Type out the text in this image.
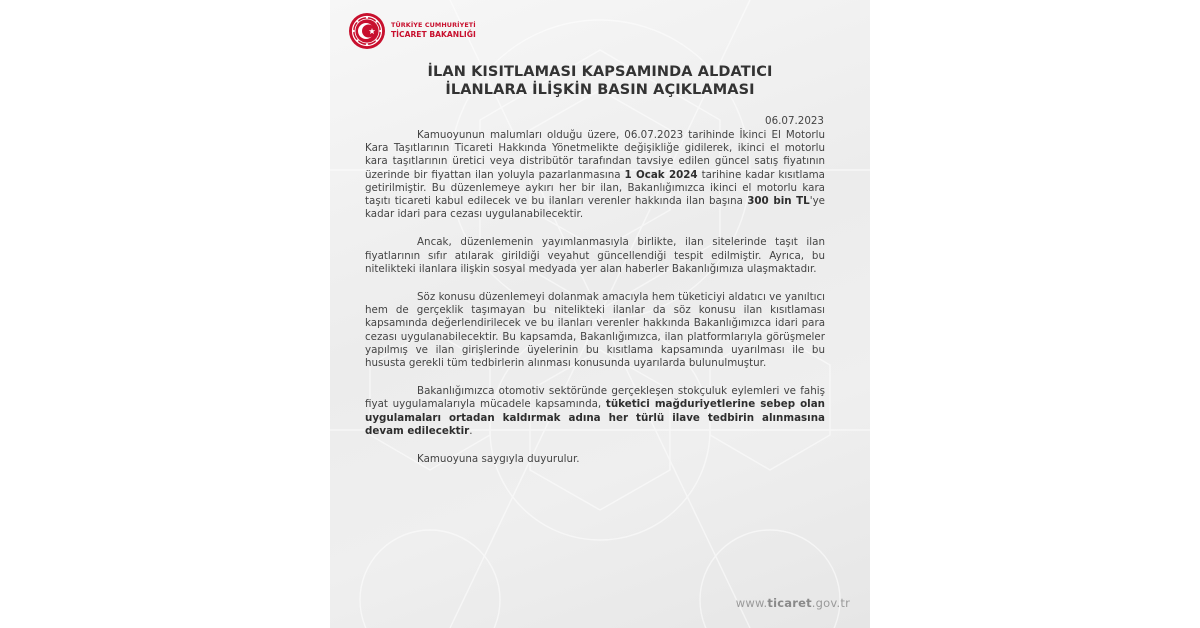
TÜRKİYE CUMHURİYETİ
TİCARET BAKANLIĞI
İLAN KISITLAMASI KAPSAMINDA ALDATICI
İLANLARA İLİŞKİN BASIN AÇIKLAMASI
06.07.2023

Kamuoyunun malumları olduğu üzere, 06.07.2023 tarihinde İkinci El Motorlu Kara Taşıtlarının Ticareti Hakkında Yönetmelikte değişikliğe gidilerek, ikinci el motorlu kara taşıtlarının üretici veya distribütör tarafından tavsiye edilen güncel satış fiyatının üzerinde bir fiyattan ilan yoluyla pazarlanmasına 1 Ocak 2024 tarihine kadar kısıtlama getirilmiştir. Bu düzenlemeye aykırı her bir ilan, Bakanlığımızca ikinci el motorlu kara taşıtı ticareti kabul edilecek ve bu ilanları verenler hakkında ilan başına 300 bin TL'ye kadar idari para cezası uygulanabilecektir.

Ancak, düzenlemenin yayımlanmasıyla birlikte, ilan sitelerinde taşıt ilan fiyatlarının sıfır atılarak girildiği veyahut güncellendiği tespit edilmiştir. Ayrıca, bu nitelikteki ilanlara ilişkin sosyal medyada yer alan haberler Bakanlığımıza ulaşmaktadır.

Söz konusu düzenlemeyi dolanmak amacıyla hem tüketiciyi aldatıcı ve yanıltıcı hem de gerçeklik taşımayan bu nitelikteki ilanlar da söz konusu ilan kısıtlaması kapsamında değerlendirilecek ve bu ilanları verenler hakkında Bakanlığımızca idari para cezası uygulanabilecektir. Bu kapsamda, Bakanlığımızca, ilan platformlarıyla görüşmeler yapılmış ve ilan girişlerinde üyelerinin bu kısıtlama kapsamında uyarılması ile bu hususta gerekli tüm tedbirlerin alınması konusunda uyarılarda bulunulmuştur.

Bakanlığımızca otomotiv sektöründe gerçekleşen stokçuluk eylemleri ve fahiş fiyat uygulamalarıyla mücadele kapsamında, tüketici mağduriyetlerine sebep olan uygulamaları ortadan kaldırmak adına her türlü ilave tedbirin alınmasına devam edilecektir.

Kamuoyuna saygıyla duyurulur.

www.ticaret.gov.tr
